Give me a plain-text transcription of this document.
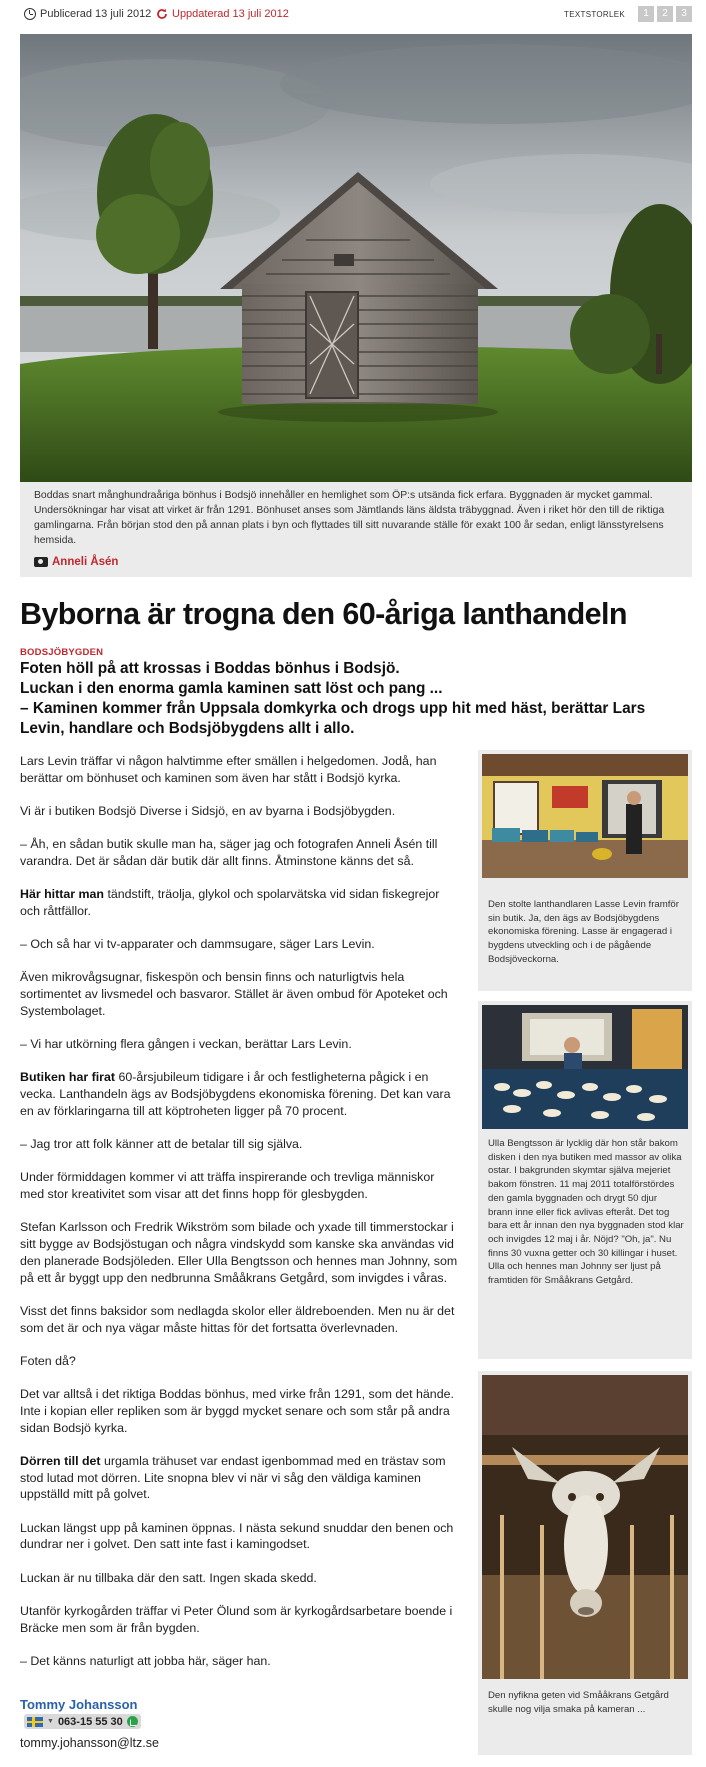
Publicerad 13 juli 2012 Uppdaterad 13 juli 2012	TEXTSTORLEK	1	2	3
Boddas snart månghundraåriga bönhus i Bodsjö innehåller en hemlighet som ÖP:s utsända fick erfara. Byggnaden är mycket gammal. Undersökningar har visat att virket är från 1291. Bönhuset anses som Jämtlands läns äldsta träbyggnad. Även i riket hör den till de riktiga gamlingarna. Från början stod den på annan plats i byn och flyttades till sitt nuvarande ställe för exakt 100 år sedan, enligt länsstyrelsens hemsida.
Anneli Åsén
Byborna är trogna den 60-åriga lanthandeln
BODSJÖBYGDEN
Foten höll på att krossas i Boddas bönhus i Bodsjö.
Luckan i den enorma gamla kaminen satt löst och pang ...
– Kaminen kommer från Uppsala domkyrka och drogs upp hit med häst, berättar Lars Levin, handlare och Bodsjöbygdens allt i allo.

Lars Levin träffar vi någon halvtimme efter smällen i helgedomen. Jodå, han berättar om bönhuset och kaminen som även har stått i Bodsjö kyrka.

Vi är i butiken Bodsjö Diverse i Sidsjö, en av byarna i Bodsjöbygden.

– Åh, en sådan butik skulle man ha, säger jag och fotografen Anneli Åsén till varandra. Det är sådan där butik där allt finns. Åtminstone känns det så.

Här hittar man tändstift, träolja, glykol och spolarvätska vid sidan fiskegrejor och råttfällor.

– Och så har vi tv-apparater och dammsugare, säger Lars Levin.

Även mikrovågsugnar, fiskespön och bensin finns och naturligtvis hela sortimentet av livsmedel och basvaror. Stället är även ombud för Apoteket och Systembolaget.

– Vi har utkörning flera gången i veckan, berättar Lars Levin.

Butiken har firat 60-årsjubileum tidigare i år och festligheterna pågick i en vecka. Lanthandeln ägs av Bodsjöbygdens ekonomiska förening. Det kan vara en av förklaringarna till att köptroheten ligger på 70 procent.

– Jag tror att folk känner att de betalar till sig själva.

Under förmiddagen kommer vi att träffa inspirerande och trevliga människor med stor kreativitet som visar att det finns hopp för glesbygden.

Stefan Karlsson och Fredrik Wikström som bilade och yxade till timmerstockar i sitt bygge av Bodsjöstugan och några vindskydd som kanske ska användas vid den planerade Bodsjöleden. Eller Ulla Bengtsson och hennes man Johnny, som på ett år byggt upp den nedbrunna Smååkrans Getgård, som invigdes i våras.

Visst det finns baksidor som nedlagda skolor eller äldreboenden. Men nu är det som det är och nya vägar måste hittas för det fortsatta överlevnaden.

Foten då?

Det var alltså i det riktiga Boddas bönhus, med virke från 1291, som det hände. Inte i kopian eller repliken som är byggd mycket senare och som står på andra sidan Bodsjö kyrka.

Dörren till det urgamla trähuset var endast igenbommad med en trästav som stod lutad mot dörren. Lite snopna blev vi när vi såg den väldiga kaminen uppställd mitt på golvet.

Luckan längst upp på kaminen öppnas. I nästa sekund snuddar den benen och dundrar ner i golvet. Den satt inte fast i kamingodset.

Luckan är nu tillbaka där den satt. Ingen skada skedd.

Utanför kyrkogården träffar vi Peter Ölund som är kyrkogårdsarbetare boende i Bräcke men som är från bygden.

– Det känns naturligt att jobba här, säger han.

Den stolte lanthandlaren Lasse Levin framför sin butik. Ja, den ägs av Bodsjöbygdens ekonomiska förening. Lasse är engagerad i bygdens utveckling och i de pågående Bodsjöveckorna.
Ulla Bengtsson är lycklig där hon står bakom disken i den nya butiken med massor av olika ostar. I bakgrunden skymtar själva mejeriet bakom fönstren. 11 maj 2011 totalförstördes den gamla byggnaden och drygt 50 djur brann inne eller fick avlivas efteråt. Det tog bara ett år innan den nya byggnaden stod klar och invigdes 12 maj i år. Nöjd? "Oh, ja". Nu finns 30 vuxna getter och 30 killingar i huset. Ulla och hennes man Johnny ser ljust på framtiden för Smååkrans Getgård.
Den nyfikna geten vid Smååkrans Getgård skulle nog vilja smaka på kameran ...
Tommy Johansson
▼ 063-15 55 30
tommy.johansson@ltz.se
